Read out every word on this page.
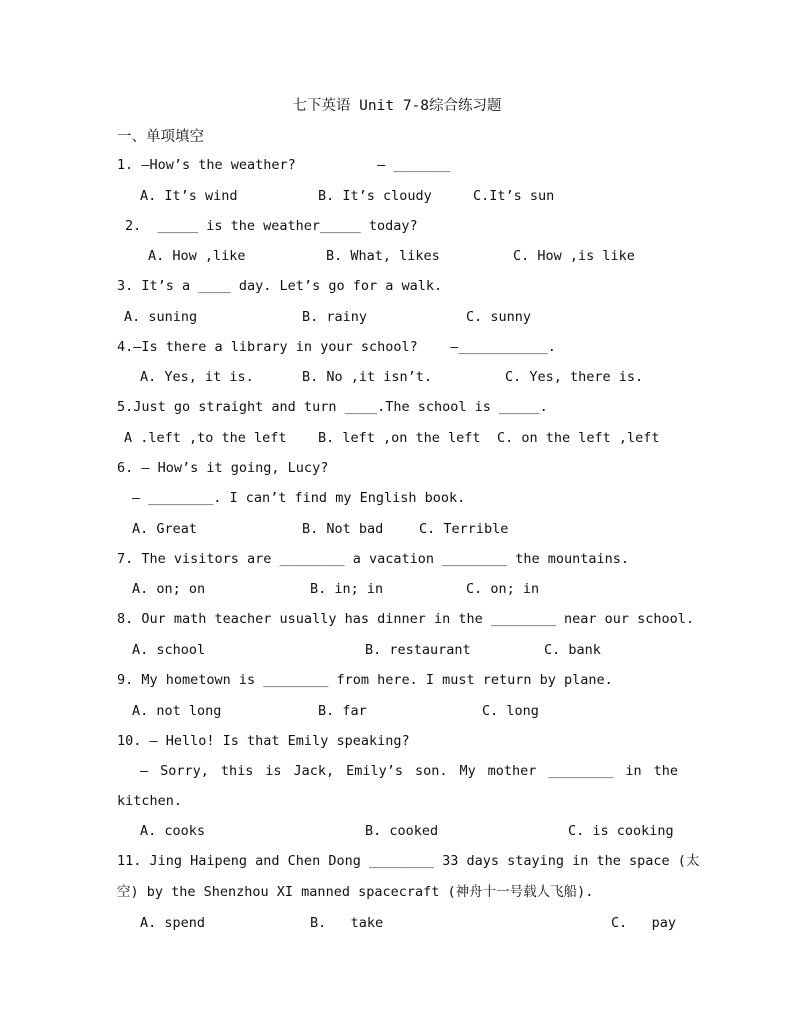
七下英语 Unit 7-8综合练习题
一、单项填空
1. —How’s the weather?          — _______
A. It’s wind	B. It’s cloudy	C.It’s sun
2.  _____ is the weather_____ today?
A. How ,like	B. What, likes	C. How ,is like
3. It’s a ____ day. Let’s go for a walk.
A. suning	B. rainy	C. sunny
4.—Is there a library in your school?    —___________.
A. Yes, it is.	B. No ,it isn’t.	C. Yes, there is.
5.Just go straight and turn ____.The school is _____.
A .left ,to the left B. left ,on the left C. on the left ,left
6. — How’s it going, Lucy?
— ________. I can’t find my English book.
A. Great	B. Not bad	C. Terrible
7. The visitors are ________ a vacation ________ the mountains.
A. on; on	B. in; in	C. on; in
8. Our math teacher usually has dinner in the ________ near our school.
A. school	B. restaurant	C. bank
9. My hometown is ________ from here. I must return by plane.
A. not long	B. far	C. long
10. — Hello! Is that Emily speaking?
— Sorry, this is Jack, Emily’s son. My mother ________ in the
kitchen.
A. cooks	B. cooked	C. is cooking
11. Jing Haipeng and Chen Dong ________ 33 days staying in the space (太
空) by the Shenzhou XI manned spacecraft (神舟十一号载人飞船).
A. spend	B.   take	C.   pay
